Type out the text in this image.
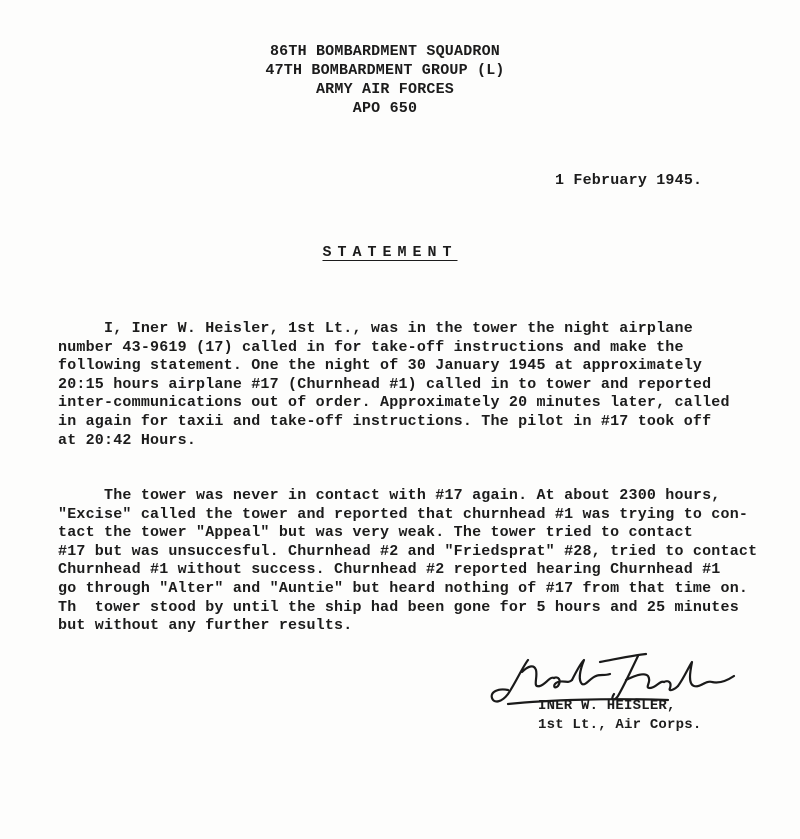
86TH BOMBARDMENT SQUADRON
47TH BOMBARDMENT GROUP (L)
ARMY AIR FORCES
APO 650
1 February 1945.
STATEMENT
I, Iner W. Heisler, 1st Lt., was in the tower the night airplane
number 43-9619 (17) called in for take-off instructions and make the
following statement. One the night of 30 January 1945 at approximately
20:15 hours airplane #17 (Churnhead #1) called in to tower and reported
inter-communications out of order. Approximately 20 minutes later, called
in again for taxii and take-off instructions. The pilot in #17 took off
at 20:42 Hours.
The tower was never in contact with #17 again. At about 2300 hours,
"Excise" called the tower and reported that churnhead #1 was trying to con-
tact the tower "Appeal" but was very weak. The tower tried to contact
#17 but was unsuccesful. Churnhead #2 and "Friedsprat" #28, tried to contact
Churnhead #1 without success. Churnhead #2 reported hearing Churnhead #1
go through "Alter" and "Auntie" but heard nothing of #17 from that time on.
Th  tower stood by until the ship had been gone for 5 hours and 25 minutes
but without any further results.
INER W. HEISLER,
1st Lt., Air Corps.
